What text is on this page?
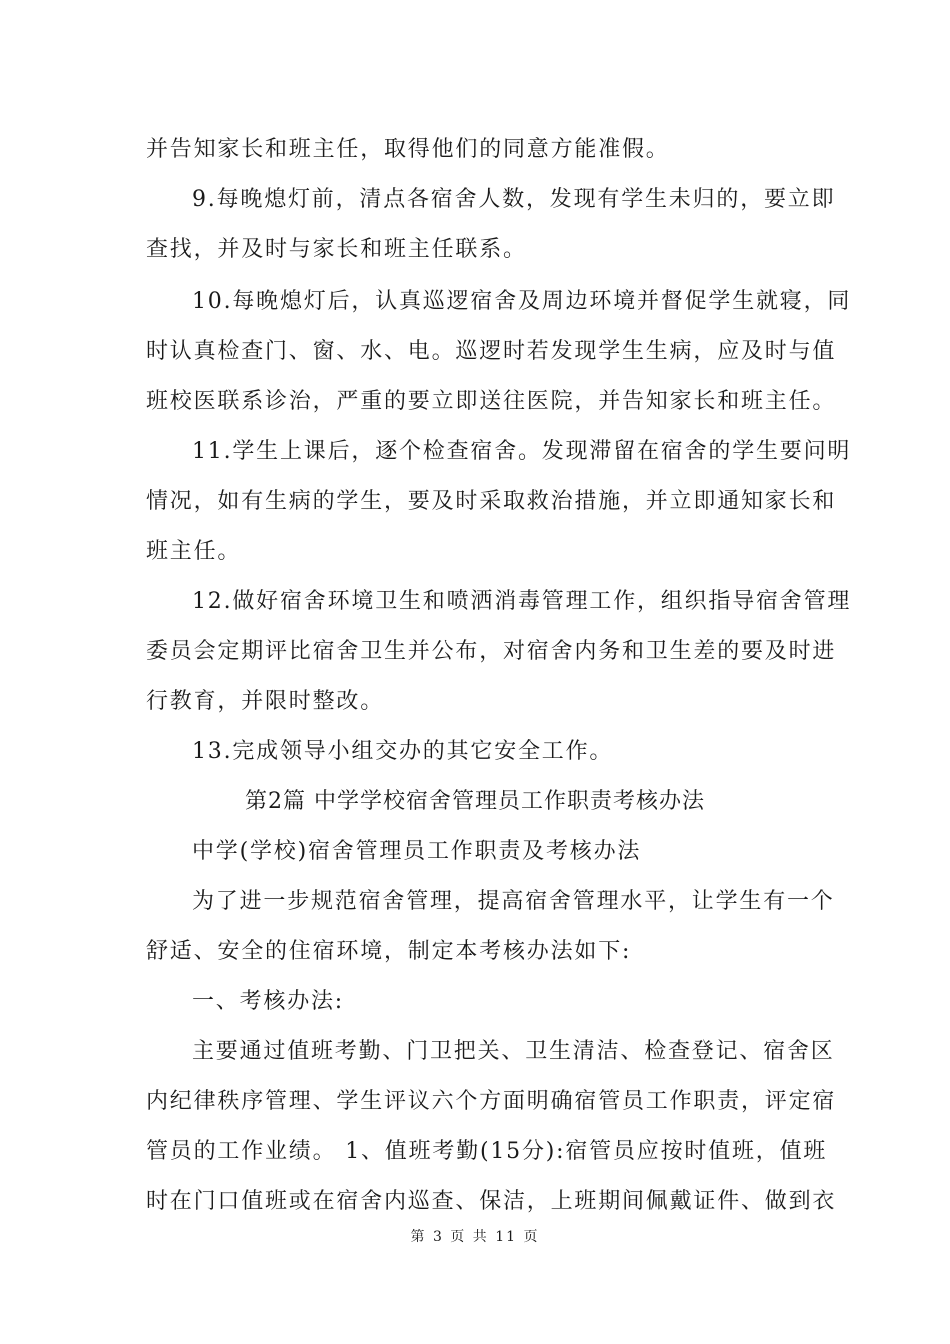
并告知家长和班主任，取得他们的同意方能准假。
9.每晚熄灯前，清点各宿舍人数，发现有学生未归的，要立即
查找，并及时与家长和班主任联系。
10.每晚熄灯后，认真巡逻宿舍及周边环境并督促学生就寝，同
时认真检查门、窗、水、电。巡逻时若发现学生生病，应及时与值
班校医联系诊治，严重的要立即送往医院，并告知家长和班主任。
11.学生上课后，逐个检查宿舍。发现滞留在宿舍的学生要问明
情况，如有生病的学生，要及时采取救治措施，并立即通知家长和
班主任。
12.做好宿舍环境卫生和喷洒消毒管理工作，组织指导宿舍管理
委员会定期评比宿舍卫生并公布，对宿舍内务和卫生差的要及时进
行教育，并限时整改。
13.完成领导小组交办的其它安全工作。
第2篇 中学学校宿舍管理员工作职责考核办法
中学(学校)宿舍管理员工作职责及考核办法
为了进一步规范宿舍管理，提高宿舍管理水平，让学生有一个
舒适、安全的住宿环境，制定本考核办法如下:
一、考核办法:
主要通过值班考勤、门卫把关、卫生清洁、检查登记、宿舍区
内纪律秩序管理、学生评议六个方面明确宿管员工作职责，评定宿
管员的工作业绩。 1、值班考勤(15分):宿管员应按时值班，值班
时在门口值班或在宿舍内巡查、保洁，上班期间佩戴证件、做到衣
第 3 页 共 11 页
